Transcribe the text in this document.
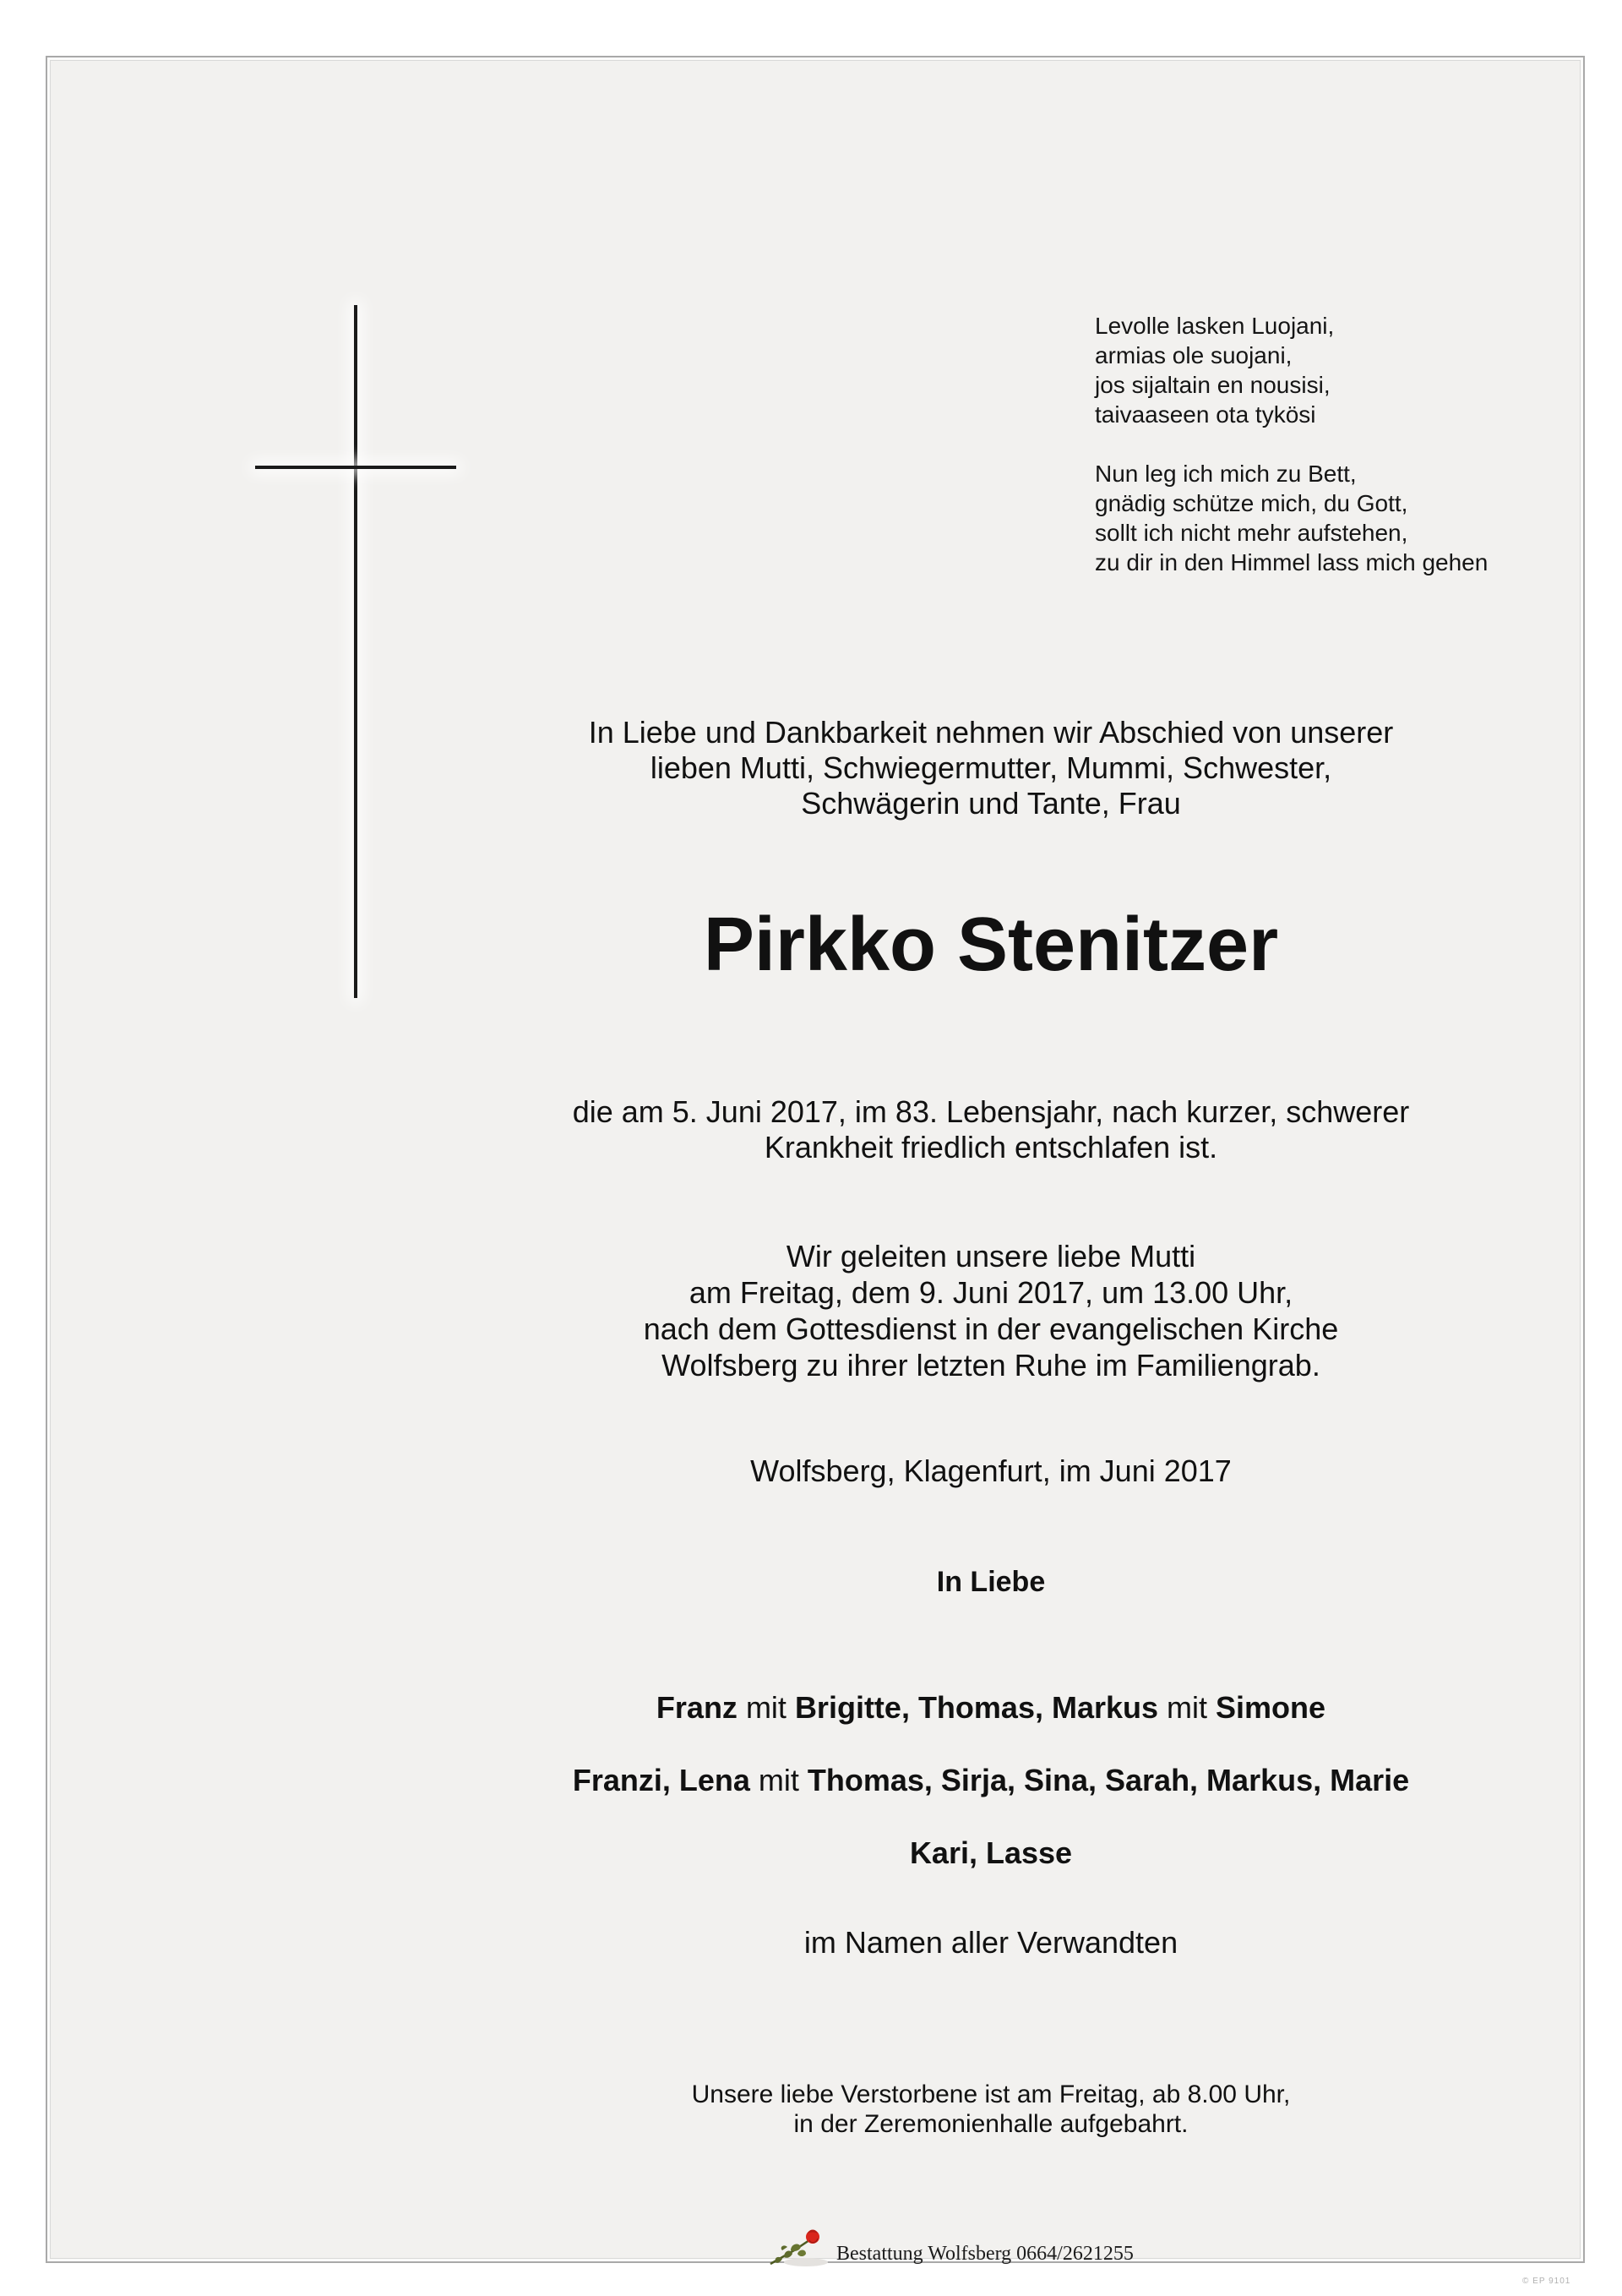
Levolle lasken Luojani,
armias ole suojani,
jos sijaltain en nousisi,
taivaaseen ota tykösi
Nun leg ich mich zu Bett,
gnädig schütze mich, du Gott,
sollt ich nicht mehr aufstehen,
zu dir in den Himmel lass mich gehen
In Liebe und Dankbarkeit nehmen wir Abschied von unserer
lieben Mutti, Schwiegermutter, Mummi, Schwester,
Schwägerin und Tante, Frau
Pirkko Stenitzer
die am 5. Juni 2017, im 83. Lebensjahr, nach kurzer, schwerer
Krankheit friedlich entschlafen ist.
Wir geleiten unsere liebe Mutti
am Freitag, dem 9. Juni 2017, um 13.00 Uhr,
nach dem Gottesdienst in der evangelischen Kirche
Wolfsberg zu ihrer letzten Ruhe im Familiengrab.
Wolfsberg, Klagenfurt, im Juni 2017
In Liebe
Franz mit Brigitte, Thomas, Markus mit Simone
Franzi, Lena mit Thomas, Sirja, Sina, Sarah, Markus, Marie
Kari, Lasse
im Namen aller Verwandten
Unsere liebe Verstorbene ist am Freitag, ab 8.00 Uhr,
in der Zeremonienhalle aufgebahrt.
Bestattung Wolfsberg 0664/2621255
© EP 9101
